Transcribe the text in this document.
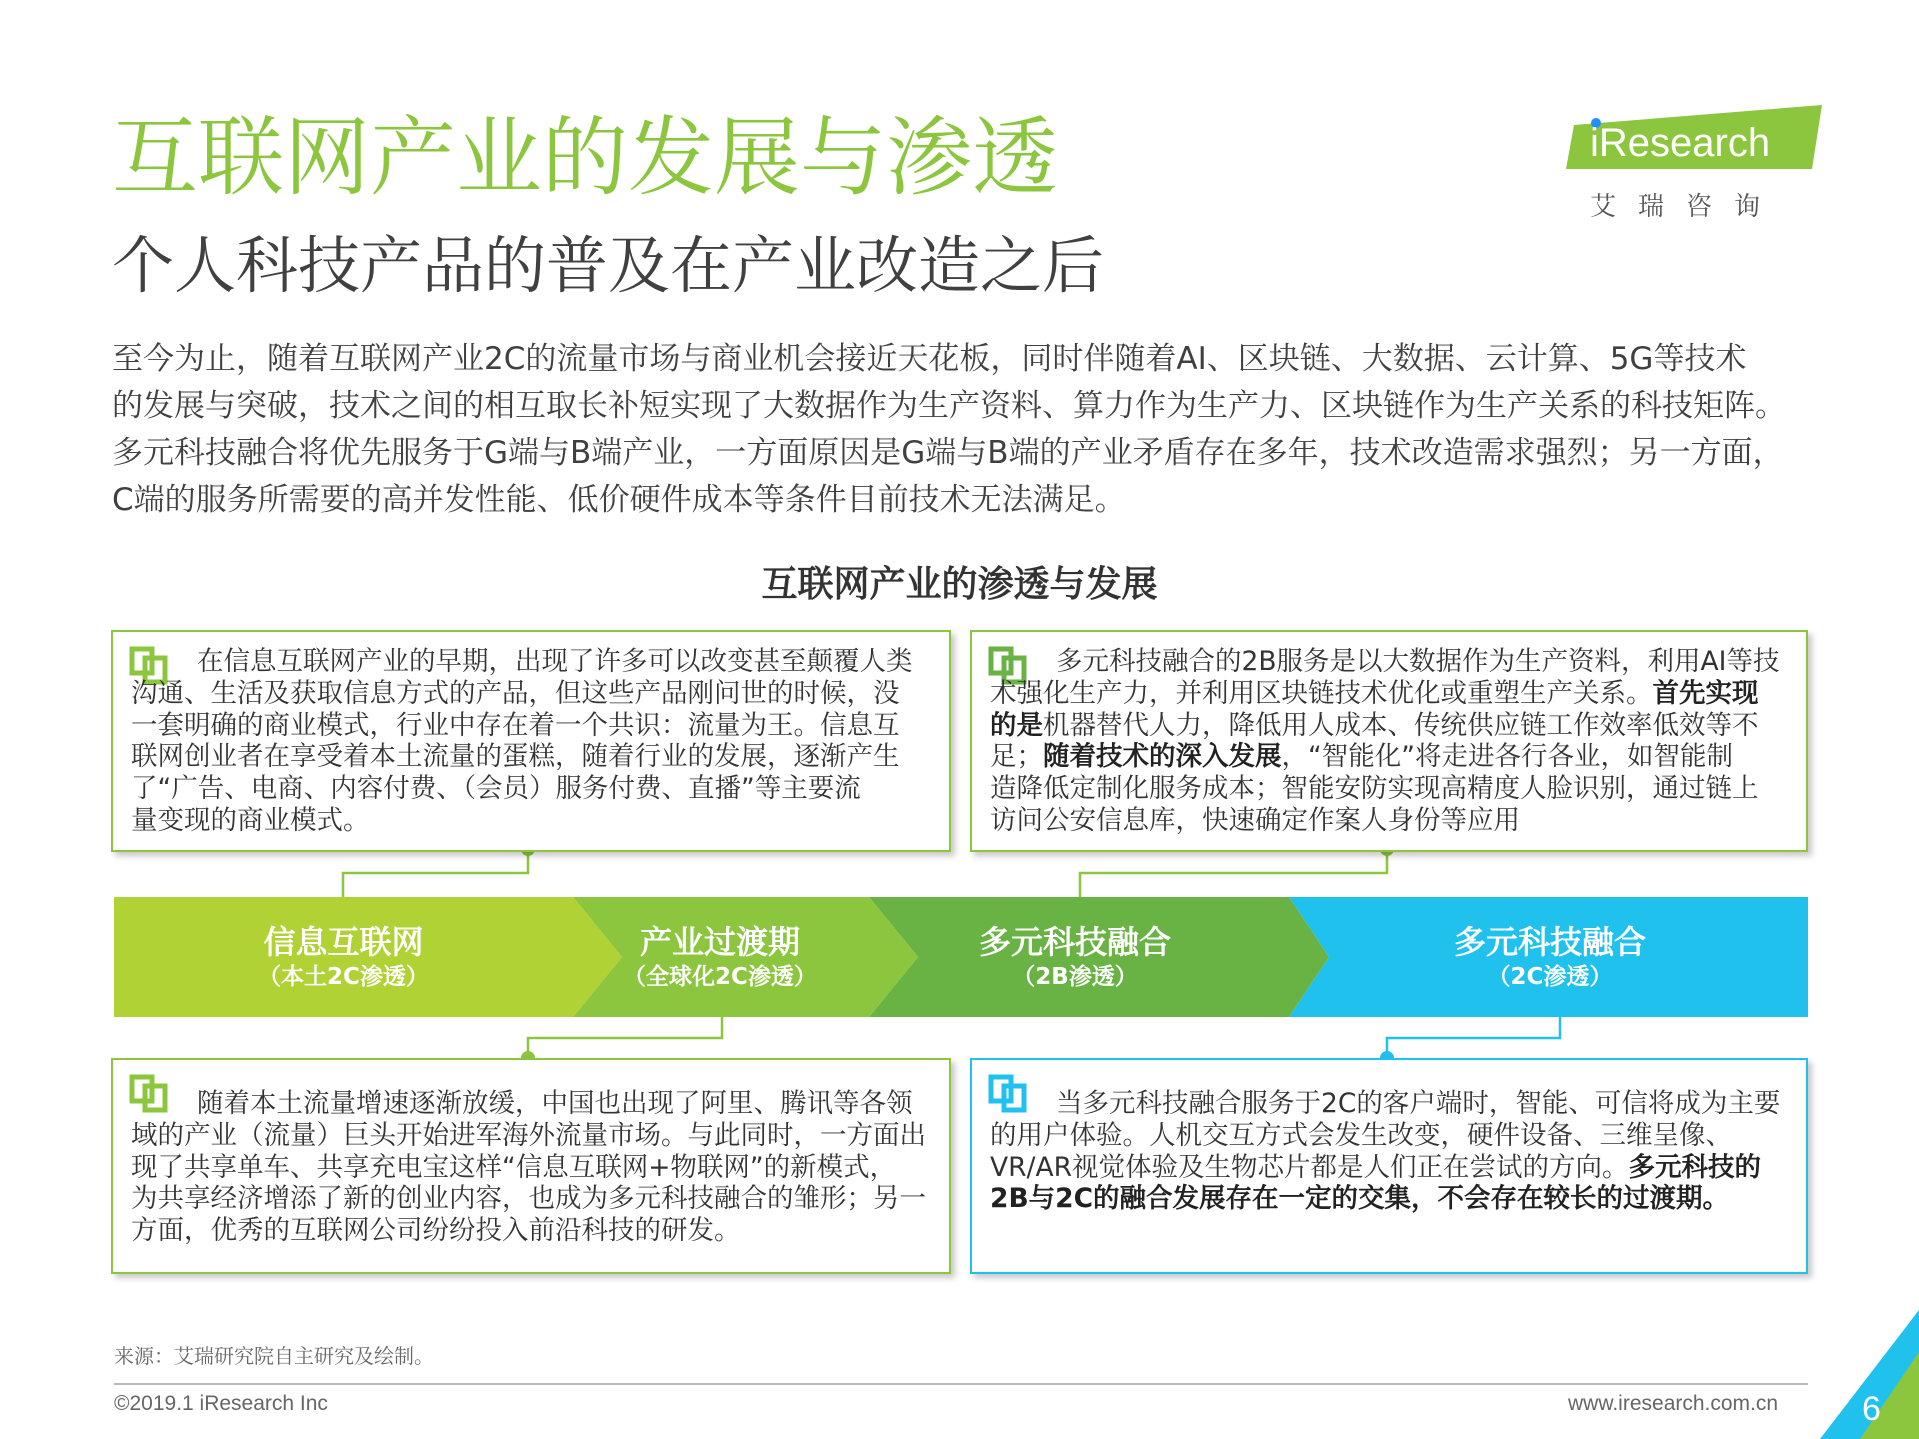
互联网产业的发展与渗透
个人科技产品的普及在产业改造之后
iResearch
艾瑞咨询

至今为止，随着互联网产业2C的流量市场与商业机会接近天花板，同时伴随着AI、区块链、大数据、云计算、5G等技术

的发展与突破，技术之间的相互取长补短实现了大数据作为生产资料、算力作为生产力、区块链作为生产关系的科技矩阵。

多元科技融合将优先服务于G端与B端产业，一方面原因是G端与B端的产业矛盾存在多年，技术改造需求强烈；另一方面，

C端的服务所需要的高并发性能、低价硬件成本等条件目前技术无法满足。

互联网产业的渗透与发展
信息互联网
（本土2C渗透）
产业过渡期
（全球化2C渗透）
多元科技融合
（2B渗透）
多元科技融合
（2C渗透）
在信息互联网产业的早期，出现了许多可以改变甚至颠覆人类
沟通、生活及获取信息方式的产品，但这些产品刚问世的时候，没
一套明确的商业模式，行业中存在着一个共识：流量为王。信息互
联网创业者在享受着本土流量的蛋糕，随着行业的发展，逐渐产生
了“广告、电商、内容付费、（会员）服务付费、直播”等主要流
量变现的商业模式。
多元科技融合的2B服务是以大数据作为生产资料，利用AI等技
术强化生产力，并利用区块链技术优化或重塑生产关系。首先实现
的是机器替代人力，降低用人成本、传统供应链工作效率低效等不
足；随着技术的深入发展，“智能化”将走进各行各业，如智能制
造降低定制化服务成本；智能安防实现高精度人脸识别，通过链上
访问公安信息库，快速确定作案人身份等应用
随着本土流量增速逐渐放缓，中国也出现了阿里、腾讯等各领
域的产业（流量）巨头开始进军海外流量市场。与此同时，一方面出
现了共享单车、共享充电宝这样“信息互联网+物联网”的新模式，
为共享经济增添了新的创业内容，也成为多元科技融合的雏形；另一
方面，优秀的互联网公司纷纷投入前沿科技的研发。
当多元科技融合服务于2C的客户端时，智能、可信将成为主要
的用户体验。人机交互方式会发生改变，硬件设备、三维呈像、
VR/AR视觉体验及生物芯片都是人们正在尝试的方向。多元科技的
2B与2C的融合发展存在一定的交集，不会存在较长的过渡期。
来源：艾瑞研究院自主研究及绘制。
©2019.1 iResearch Inc	www.iresearch.com.cn 6
